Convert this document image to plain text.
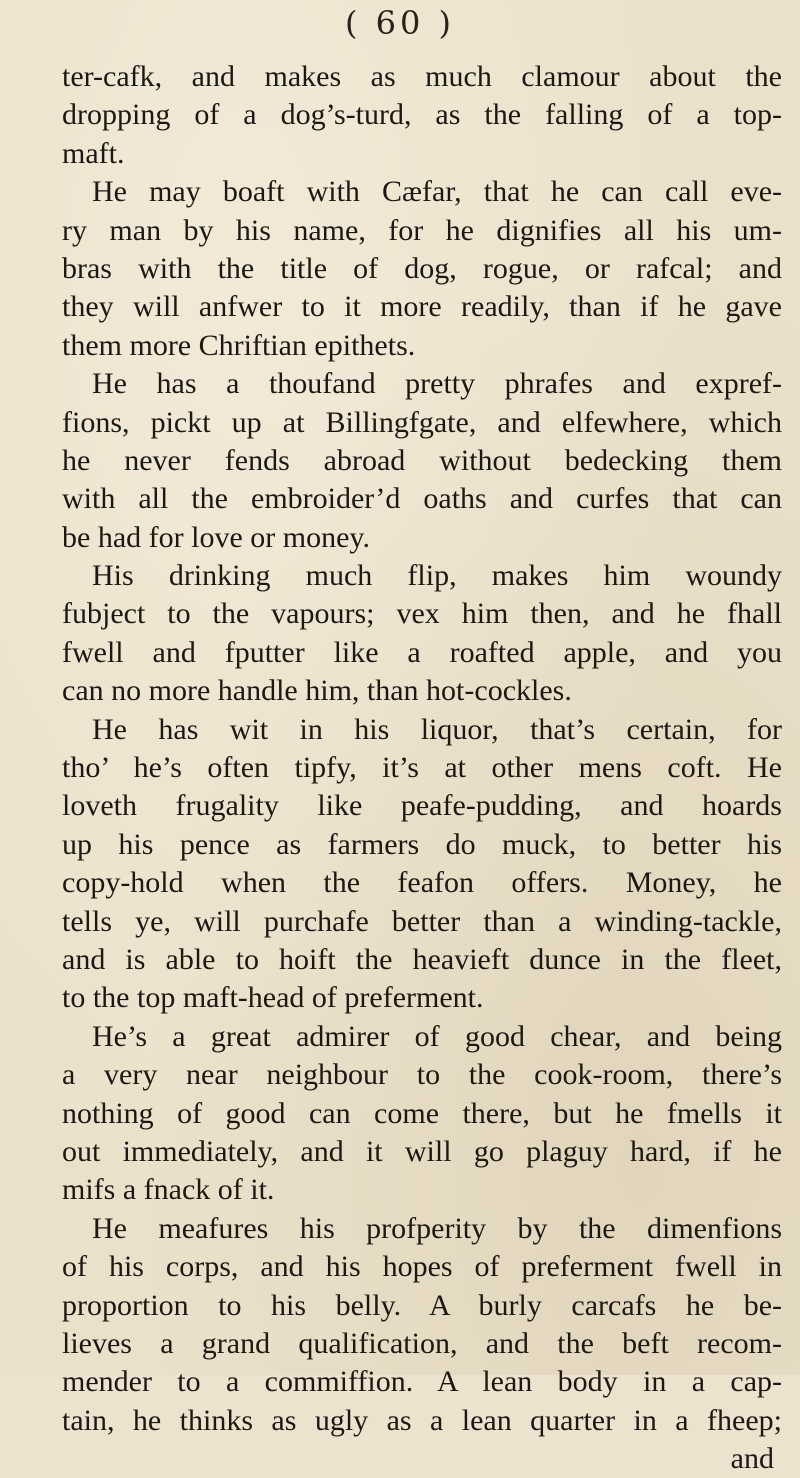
( 60 )
ter-cafk, and makes as much clamour about the
dropping of a dog’s-turd, as the falling of a top-
maft.
He may boaft with Cæfar, that he can call eve-
ry man by his name, for he dignifies all his um-
bras with the title of dog, rogue, or rafcal; and
they will anfwer to it more readily, than if he gave
them more Chriftian epithets.
He has a thoufand pretty phrafes and expref-
fions, pickt up at Billingfgate, and elfewhere, which
he never fends abroad without bedecking them
with all the embroider’d oaths and curfes that can
be had for love or money.
His drinking much flip, makes him woundy
fubject to the vapours; vex him then, and he fhall
fwell and fputter like a roafted apple, and you
can no more handle him, than hot-cockles.
He has wit in his liquor, that’s certain, for
tho’ he’s often tipfy, it’s at other mens coft. He
loveth frugality like peafe-pudding, and hoards
up his pence as farmers do muck, to better his
copy-hold when the feafon offers. Money, he
tells ye, will purchafe better than a winding-tackle,
and is able to hoift the heavieft dunce in the fleet,
to the top maft-head of preferment.
He’s a great admirer of good chear, and being
a very near neighbour to the cook-room, there’s
nothing of good can come there, but he fmells it
out immediately, and it will go plaguy hard, if he
mifs a fnack of it.
He meafures his profperity by the dimenfions
of his corps, and his hopes of preferment fwell in
proportion to his belly. A burly carcafs he be-
lieves a grand qualification, and the beft recom-
mender to a commiffion. A lean body in a cap-
tain, he thinks as ugly as a lean quarter in a fheep;
and
